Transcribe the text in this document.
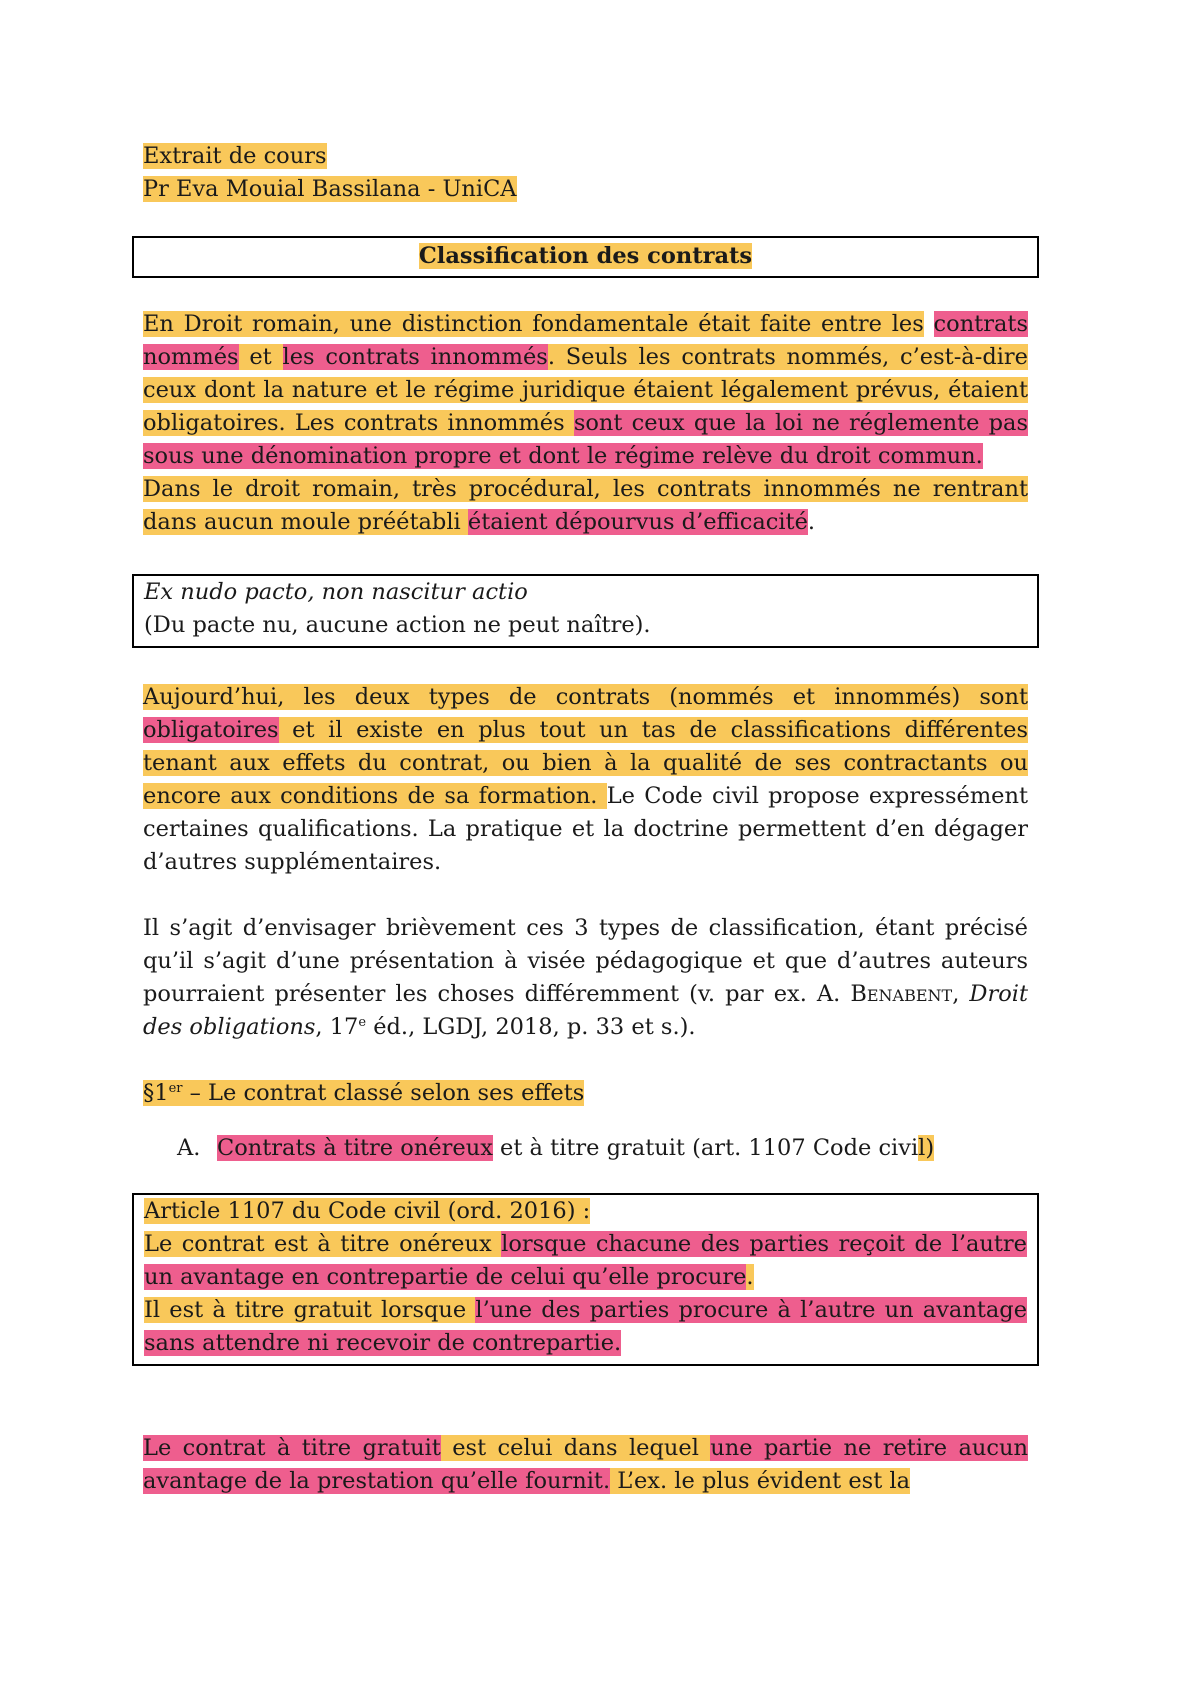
Extrait de cours
Pr Eva Mouial Bassilana - UniCA
Classification des contrats

En Droit romain, une distinction fondamentale était faite entre les contrats nommés et les contrats innommés. Seuls les contrats nommés, c’est-à-dire ceux dont la nature et le régime juridique étaient légalement prévus, étaient obligatoires. Les contrats innommés sont ceux que la loi ne réglemente pas sous une dénomination propre et dont le régime relève du droit commun.
Dans le droit romain, très procédural, les contrats innommés ne rentrant dans aucun moule préétabli étaient dépourvus d’efficacité.

Ex nudo pacto, non nascitur actio
(Du pacte nu, aucune action ne peut naître).

Aujourd’hui, les deux types de contrats (nommés et innommés) sont obligatoires et il existe en plus tout un tas de classifications différentes tenant aux effets du contrat, ou bien à la qualité de ses contractants ou encore aux conditions de sa formation. Le Code civil propose expressément certaines qualifications. La pratique et la doctrine permettent d’en dégager d’autres supplémentaires.

Il s’agit d’envisager brièvement ces 3 types de classification, étant précisé qu’il s’agit d’une présentation à visée pédagogique et que d’autres auteurs pourraient présenter les choses différemment (v. par ex. A. Benabent, Droit des obligations, 17e éd., LGDJ, 2018, p. 33 et s.).

§1er – Le contrat classé selon ses effets

A. Contrats à titre onéreux et à titre gratuit (art. 1107 Code civil)

Article 1107 du Code civil (ord. 2016) :
Le contrat est à titre onéreux lorsque chacune des parties reçoit de l’autre un avantage en contrepartie de celui qu’elle procure.
Il est à titre gratuit lorsque l’une des parties procure à l’autre un avantage sans attendre ni recevoir de contrepartie.

Le contrat à titre gratuit est celui dans lequel une partie ne retire aucun avantage de la prestation qu’elle fournit. L’ex. le plus évident est la
